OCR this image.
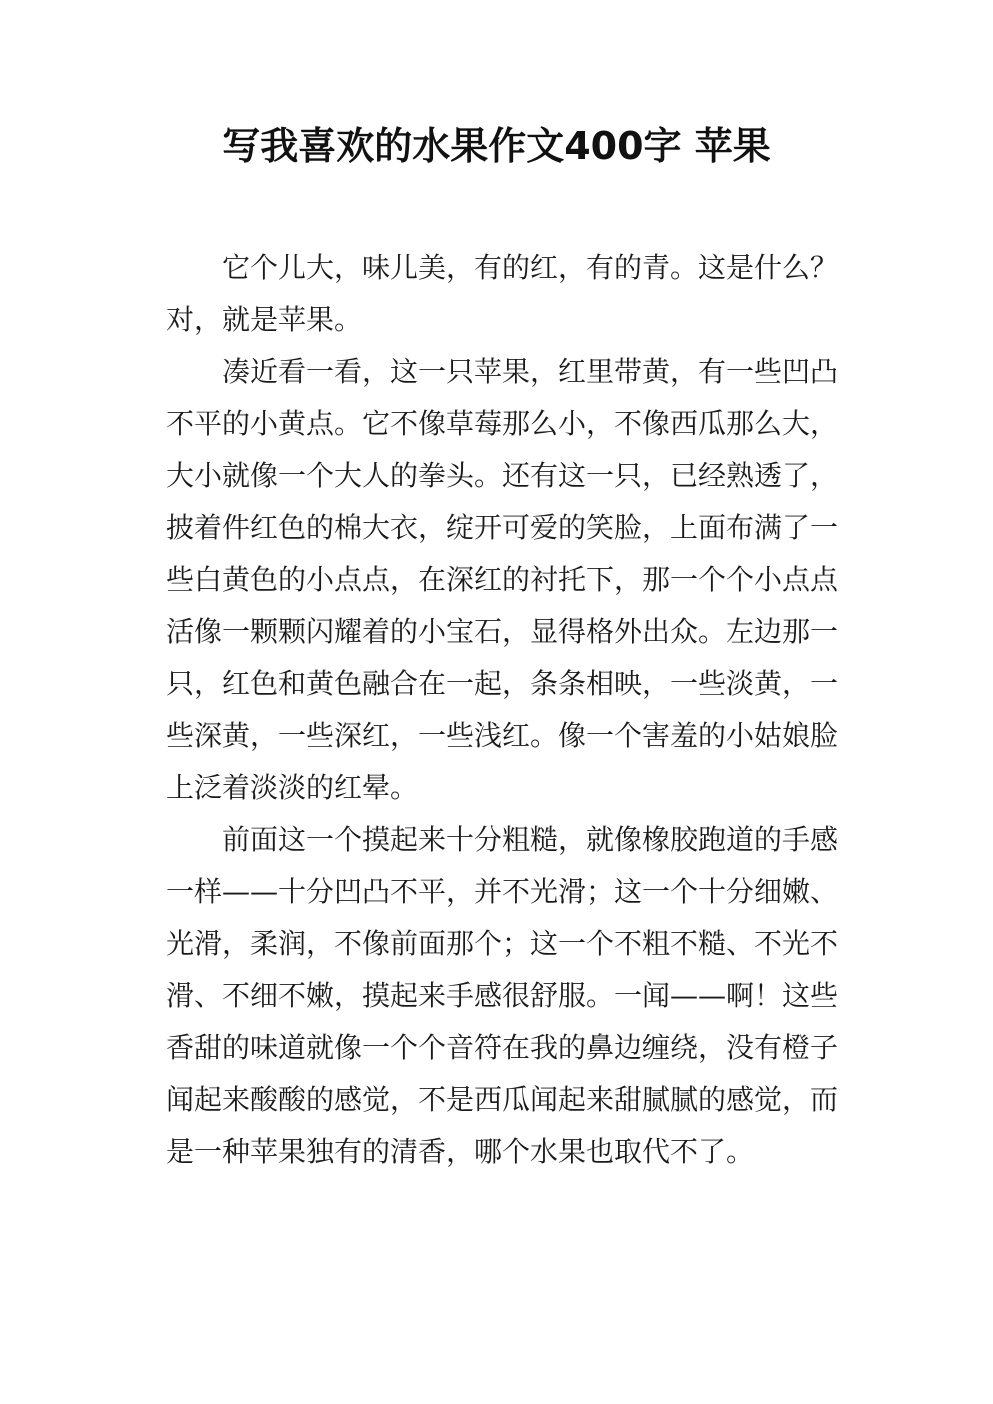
写我喜欢的水果作文400字 苹果

它个儿大，味儿美，有的红，有的青。这是什么？对，就是苹果。

凑近看一看，这一只苹果，红里带黄，有一些凹凸不平的小黄点。它不像草莓那么小，不像西瓜那么大，大小就像一个大人的拳头。还有这一只，已经熟透了，披着件红色的棉大衣，绽开可爱的笑脸，上面布满了一些白黄色的小点点，在深红的衬托下，那一个个小点点活像一颗颗闪耀着的小宝石，显得格外出众。左边那一只，红色和黄色融合在一起，条条相映，一些淡黄，一些深黄，一些深红，一些浅红。像一个害羞的小姑娘脸上泛着淡淡的红晕。

前面这一个摸起来十分粗糙，就像橡胶跑道的手感一样——十分凹凸不平，并不光滑；这一个十分细嫩、光滑，柔润，不像前面那个；这一个不粗不糙、不光不滑、不细不嫩，摸起来手感很舒服。一闻——啊！这些香甜的味道就像一个个音符在我的鼻边缠绕，没有橙子闻起来酸酸的感觉，不是西瓜闻起来甜腻腻的感觉，而是一种苹果独有的清香，哪个水果也取代不了。
